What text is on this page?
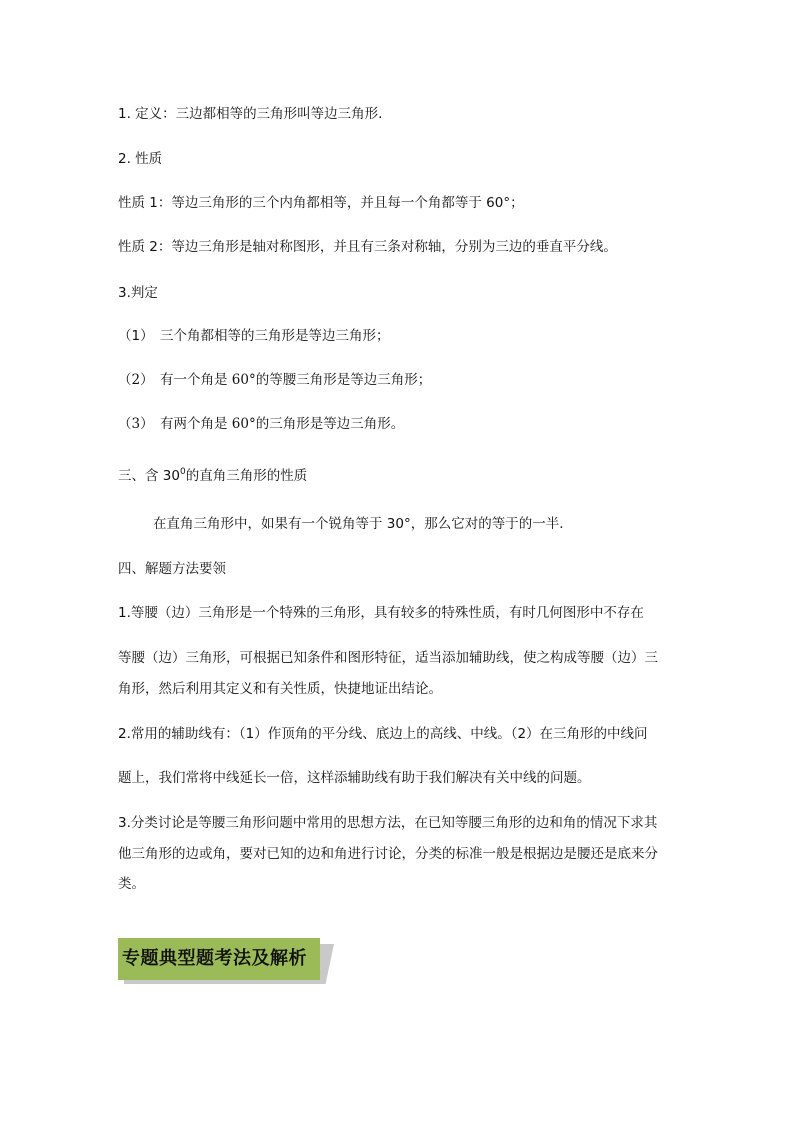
1. 定义：三边都相等的三角形叫等边三角形.
2. 性质
性质 1：等边三角形的三个内角都相等，并且每一个角都等于 60°；
性质 2：等边三角形是轴对称图形，并且有三条对称轴，分别为三边的垂直平分线。
3.判定
（1） 三个角都相等的三角形是等边三角形；
（2） 有一个角是 60°的等腰三角形是等边三角形；
（3） 有两个角是 60°的三角形是等边三角形。
三、含 $30^0$的直角三角形的性质
在直角三角形中，如果有一个锐角等于 30°，那么它对的等于的一半.
四、解题方法要领
1.等腰（边）三角形是一个特殊的三角形，具有较多的特殊性质，有时几何图形中不存在
等腰（边）三角形，可根据已知条件和图形特征，适当添加辅助线，使之构成等腰（边）三
角形，然后利用其定义和有关性质，快捷地证出结论。
2.常用的辅助线有：（1）作顶角的平分线、底边上的高线、中线。（2）在三角形的中线问
题上，我们常将中线延长一倍，这样添辅助线有助于我们解决有关中线的问题。
3.分类讨论是等腰三角形问题中常用的思想方法，在已知等腰三角形的边和角的情况下求其
他三角形的边或角，要对已知的边和角进行讨论，分类的标准一般是根据边是腰还是底来分
类。
专题典型题考法及解析
